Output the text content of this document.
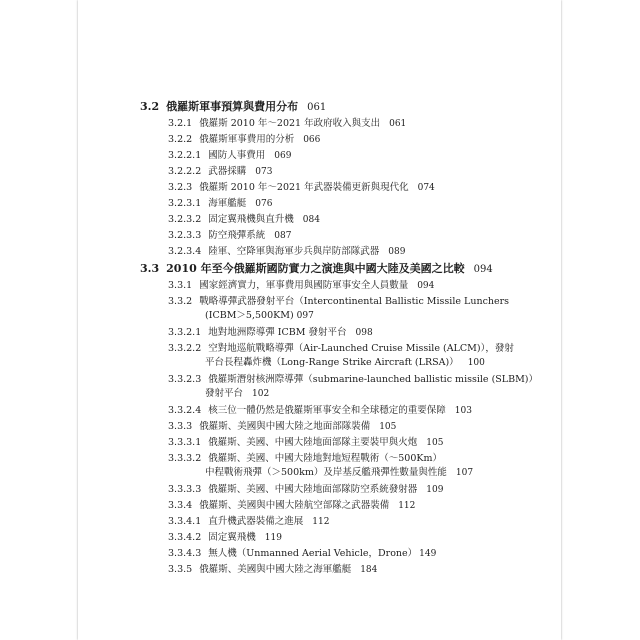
3.2 俄羅斯軍事預算與費用分布 061
3.2.1 俄羅斯 2010 年～2021 年政府收入與支出 061
3.2.2 俄羅斯軍事費用的分析 066
3.2.2.1 國防人事費用 069
3.2.2.2 武器採購 073
3.2.3 俄羅斯 2010 年～2021 年武器裝備更新與現代化 074
3.2.3.1 海軍艦艇 076
3.2.3.2 固定翼飛機與直升機 084
3.2.3.3 防空飛彈系統 087
3.2.3.4 陸軍、空降軍與海軍步兵與岸防部隊武器 089
3.3 2010 年至今俄羅斯國防實力之演進與中國大陸及美國之比較 094
3.3.1 國家經濟實力，軍事費用與國防軍事安全人員數量 094
3.3.2 戰略導彈武器發射平台（Intercontinental Ballistic Missile Lunchers
(ICBM＞5,500KM) 097
3.3.2.1 地對地洲際導彈 ICBM 發射平台 098
3.3.2.2 空對地巡航戰略導彈（Air-Launched Cruise Missile (ALCM)），發射
平台長程轟炸機（Long-Range Strike Aircraft (LRSA)） 100
3.3.2.3 俄羅斯潛射核洲際導彈（submarine-launched ballistic missile (SLBM)）
發射平台 102
3.3.2.4 核三位一體仍然是俄羅斯軍事安全和全球穩定的重要保障 103
3.3.3 俄羅斯、美國與中國大陸之地面部隊裝備 105
3.3.3.1 俄羅斯、美國、中國大陸地面部隊主要裝甲與火炮 105
3.3.3.2 俄羅斯、美國、中國大陸地對地短程戰術（～500Km）
中程戰術飛彈（＞500km）及岸基反艦飛彈性數量與性能 107
3.3.3.3 俄羅斯、美國、中國大陸地面部隊防空系統發射器 109
3.3.4 俄羅斯、美國與中國大陸航空部隊之武器裝備 112
3.3.4.1 直升機武器裝備之進展 112
3.3.4.2 固定翼飛機 119
3.3.4.3 無人機（Unmanned Aerial Vehicle，Drone） 149
3.3.5 俄羅斯、美國與中國大陸之海軍艦艇 184
